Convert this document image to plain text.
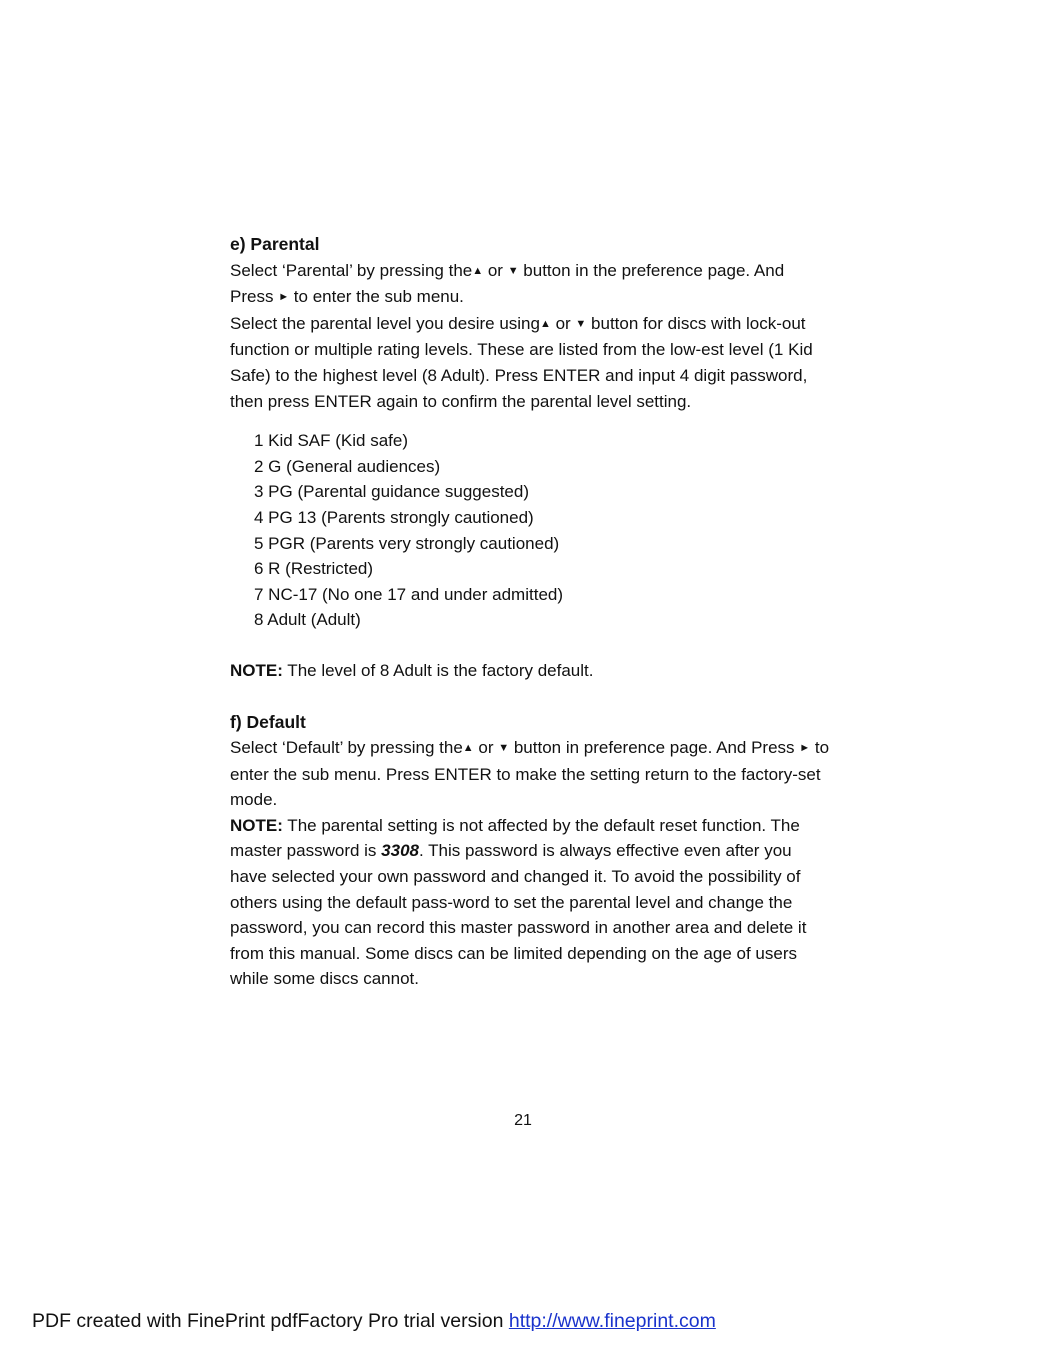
e) Parental

Select ‘Parental’ by pressing the▲ or ▼ button in the preference page. And Press ► to enter the sub menu.

Select the parental level you desire using▲ or ▼ button for discs with lock-out function or multiple rating levels. These are listed from the low-est level (1 Kid Safe) to the highest level (8 Adult). Press ENTER and input 4 digit password, then press ENTER again to confirm the parental level setting.

1 Kid SAF (Kid safe)
2 G (General audiences)
3 PG (Parental guidance suggested)
4 PG 13 (Parents strongly cautioned)
5 PGR (Parents very strongly cautioned)
6 R (Restricted)
7 NC-17 (No one 17 and under admitted)
8 Adult (Adult)

NOTE: The level of 8 Adult is the factory default.

f) Default

Select ‘Default’ by pressing the▲ or ▼ button in preference page. And Press ► to enter the sub menu. Press ENTER to make the setting return to the factory-set mode.

NOTE: The parental setting is not affected by the default reset function. The master password is 3308. This password is always effective even after you have selected your own password and changed it. To avoid the possibility of others using the default pass-word to set the parental level and change the password, you can record this master password in another area and delete it from this manual. Some discs can be limited depending on the age of users while some discs cannot.

21
PDF created with FinePrint pdfFactory Pro trial version http://www.fineprint.com
